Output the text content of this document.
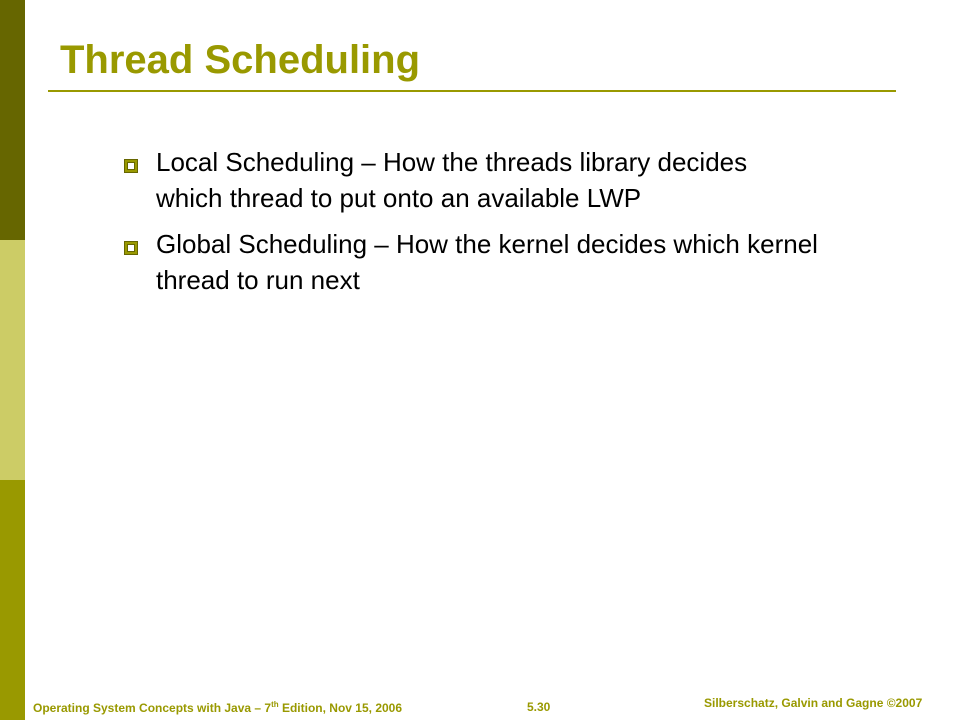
Thread Scheduling
Local Scheduling – How the threads library decides which thread to put onto an available LWP
Global Scheduling – How the kernel decides which kernel thread to run next
Operating System Concepts with Java – 7th Edition, Nov 15, 2006	5.30	Silberschatz, Galvin and Gagne ©2007
